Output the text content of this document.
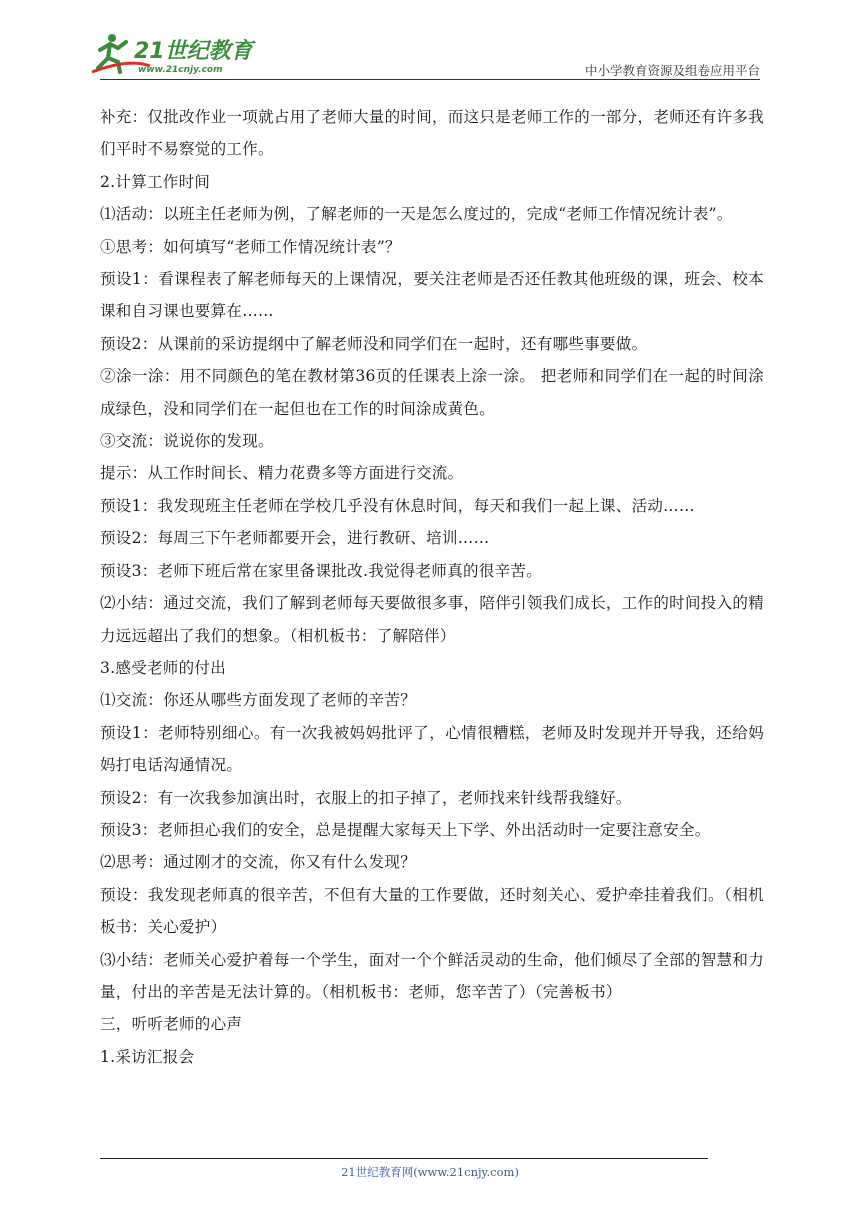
21世纪教育
www.21cnjy.com	中小学教育资源及组卷应用平台

补充：仅批改作业一项就占用了老师大量的时间，而这只是老师工作的一部分，老师还有许多我们平时不易察觉的工作。

2.计算工作时间

⑴活动：以班主任老师为例，了解老师的一天是怎么度过的，完成“老师工作情况统计表”。

①思考：如何填写“老师工作情况统计表”？

预设1：看课程表了解老师每天的上课情况，要关注老师是否还任教其他班级的课，班会、校本课和自习课也要算在……

预设2：从课前的采访提纲中了解老师没和同学们在一起时，还有哪些事要做。

②涂一涂：用不同颜色的笔在教材第36页的任课表上涂一涂。 把老师和同学们在一起的时间涂成绿色，没和同学们在一起但也在工作的时间涂成黄色。

③交流：说说你的发现。

提示：从工作时间长、精力花费多等方面进行交流。

预设1：我发现班主任老师在学校几乎没有休息时间，每天和我们一起上课、活动……

预设2：每周三下午老师都要开会，进行教研、培训……

预设3：老师下班后常在家里备课批改.我觉得老师真的很辛苦。

⑵小结：通过交流，我们了解到老师每天要做很多事，陪伴引领我们成长，工作的时间投入的精力远远超出了我们的想象。（相机板书：了解陪伴）

3.感受老师的付出

⑴交流：你还从哪些方面发现了老师的辛苦？

预设1：老师特别细心。有一次我被妈妈批评了，心情很糟糕，老师及时发现并开导我，还给妈妈打电话沟通情况。

预设2：有一次我参加演出时，衣服上的扣子掉了，老师找来针线帮我缝好。

预设3：老师担心我们的安全，总是提醒大家每天上下学、外出活动时一定要注意安全。

⑵思考：通过刚才的交流，你又有什么发现？

预设：我发现老师真的很辛苦，不但有大量的工作要做，还时刻关心、爱护牵挂着我们。（相机板书：关心爱护）

⑶小结：老师关心爱护着每一个学生，面对一个个鲜活灵动的生命，他们倾尽了全部的智慧和力量，付出的辛苦是无法计算的。（相机板书：老师，您辛苦了）（完善板书）

三，听听老师的心声

1.采访汇报会

21世纪教育网(www.21cnjy.com)
